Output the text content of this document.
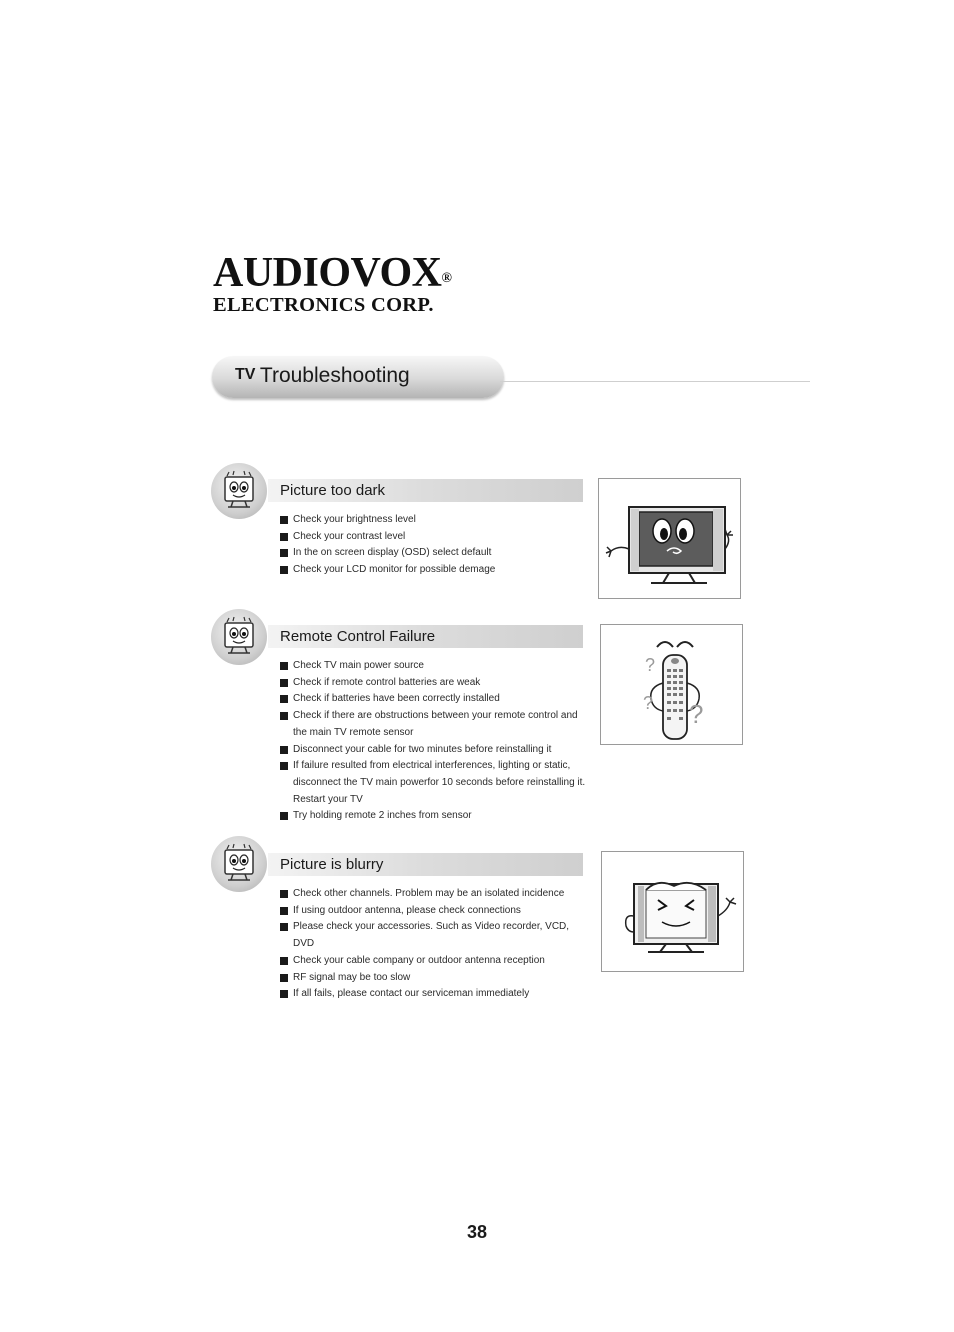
AUDIOVOX®
ELECTRONICS CORP.
TV Troubleshooting
Picture too dark
Check your brightness level
Check your contrast level
In the on screen display (OSD) select default
Check your LCD monitor for possible demage
Remote Control Failure
Check TV main power source
Check if remote control batteries are weak
Check if batteries have been correctly installed
Check if there are obstructions between your remote control and the main TV remote sensor
Disconnect your cable for two minutes before reinstalling it
If failure resulted from electrical interferences, lighting or static, disconnect the TV main powerfor 10 seconds before reinstalling it. Restart your TV
Try holding remote 2 inches from sensor
?
? ?
Picture is blurry
Check other channels. Problem may be an isolated incidence
If using outdoor antenna, please check connections
Please check your accessories. Such as Video recorder, VCD, DVD
Check your cable company or outdoor antenna reception
RF signal may be too slow
If all fails, please contact our serviceman immediately
38
